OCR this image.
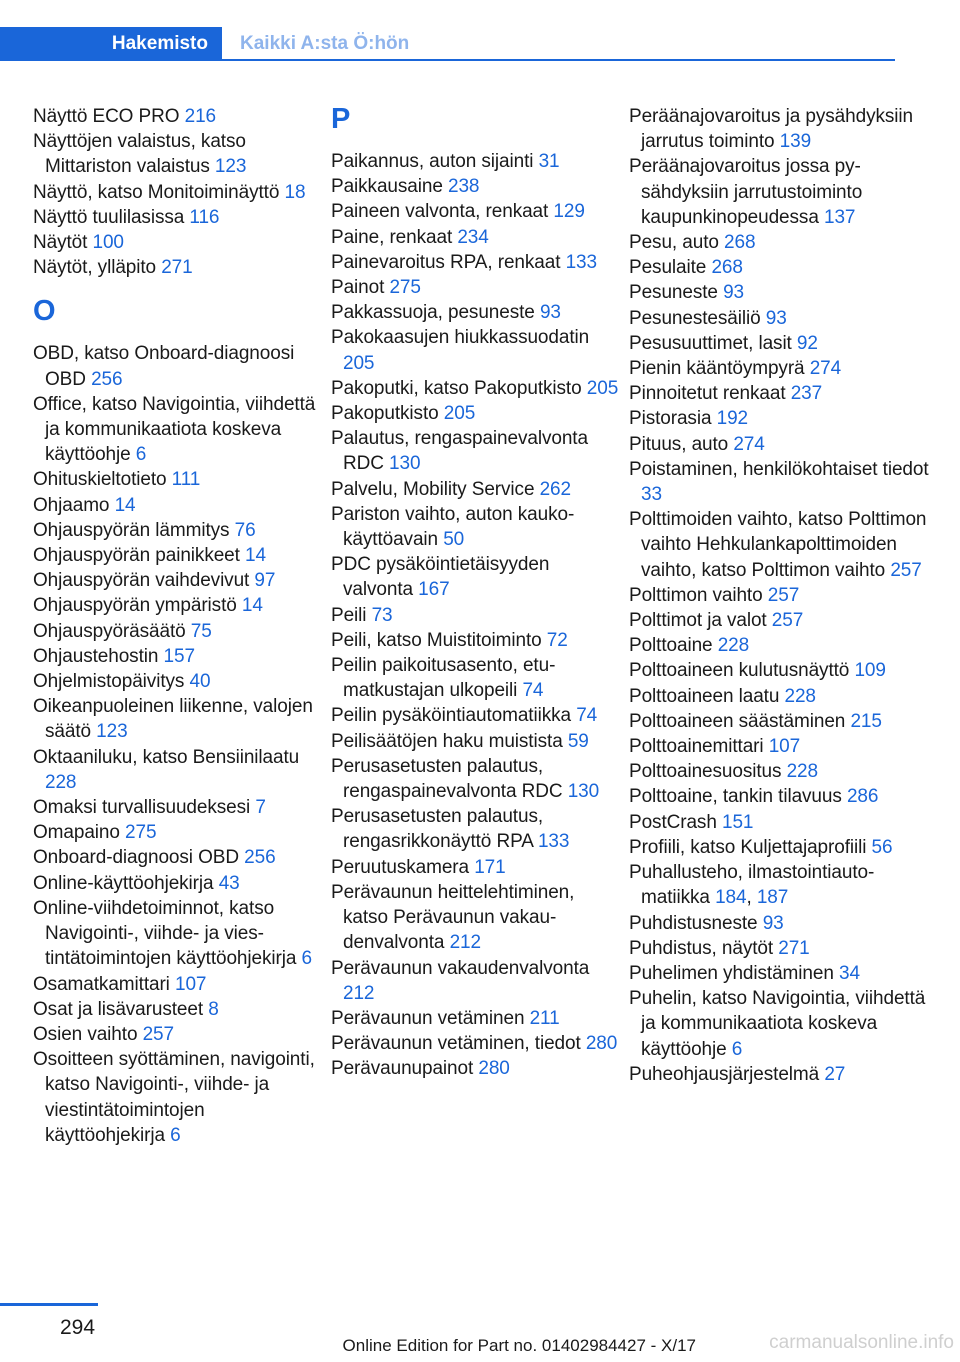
Hakemisto	Kaikki A:sta Ö:hön
Näyttö ECO PRO 216
Näyttöjen valaistus, katso Mittariston valaistus 123
Näyttö, katso Monitoiminäyttö 18
Näyttö tuulilasissa 116
Näytöt 100
Näytöt, ylläpito 271
O
OBD, katso Onboard-diagnoosi OBD 256
Office, katso Navigointia, viihdettä ja kommunikaatiota koskeva käyttöohje 6
Ohituskieltotieto 111
Ohjaamo 14
Ohjauspyörän lämmitys 76
Ohjauspyörän painikkeet 14
Ohjauspyörän vaihdevivut 97
Ohjauspyörän ympäristö 14
Ohjauspyöräsäätö 75
Ohjaustehostin 157
Ohjelmistopäivitys 40
Oikeanpuoleinen liikenne, valojen säätö 123
Oktaaniluku, katso Bensiinilaatu 228
Omaksi turvallisuudeksesi 7
Omapaino 275
Onboard-diagnoosi OBD 256
Online-käyttöohjekirja 43
Online-viihdetoiminnot, katso Navigointi-, viihde- ja viestintätoimintojen käyttöohjekirja 6
Osamatkamittari 107
Osat ja lisävarusteet 8
Osien vaihto 257
Osoitteen syöttäminen, navigointi, katso Navigointi-, viihde- ja viestintätoimintojen käyttöohjekirja 6
P
Paikannus, auton sijainti 31
Paikkausaine 238
Paineen valvonta, renkaat 129
Paine, renkaat 234
Painevaroitus RPA, renkaat 133
Painot 275
Pakkassuoja, pesuneste 93
Pakokaasujen hiukkassuodatin 205
Pakoputki, katso Pakoputkisto 205
Pakoputkisto 205
Palautus, rengaspainevalvonta RDC 130
Palvelu, Mobility Service 262
Pariston vaihto, auton kaukokäyttöavain 50
PDC pysäköintietäisyyden valvonta 167
Peili 73
Peili, katso Muistitoiminto 72
Peilin paikoitusasento, etumatkustajan ulkopeili 74
Peilin pysäköintiautomatiikka 74
Peilisäätöjen haku muistista 59
Perusasetusten palautus, rengaspainevalvonta RDC 130
Perusasetusten palautus, rengasrikkonäyttö RPA 133
Peruutuskamera 171
Perävaunun heittelehtiminen, katso Perävaunun vakaudenvalvonta 212
Perävaunun vakaudenvalvonta 212
Perävaunun vetäminen 211
Perävaunun vetäminen, tiedot 280
Perävaunupainot 280
Peräänajovaroitus ja pysähdyksiin jarrutus toiminto 139
Peräänajovaroitus jossa pysähdyksiin jarrutustoiminto kaupunkinopeudessa 137
Pesu, auto 268
Pesulaite 268
Pesuneste 93
Pesunestesäiliö 93
Pesusuuttimet, lasit 92
Pienin kääntöympyrä 274
Pinnoitetut renkaat 237
Pistorasia 192
Pituus, auto 274
Poistaminen, henkilökohtaiset tiedot 33
Polttimoiden vaihto, katso Polttimon vaihto Hehkulankapolttimoiden vaihto, katso Polttimon vaihto 257
Polttimon vaihto 257
Polttimot ja valot 257
Polttoaine 228
Polttoaineen kulutusnäyttö 109
Polttoaineen laatu 228
Polttoaineen säästäminen 215
Polttoainemittari 107
Polttoainesuositus 228
Polttoaine, tankin tilavuus 286
PostCrash 151
Profiili, katso Kuljettajaprofiili 56
Puhallusteho, ilmastointiautomatiikka 184, 187
Puhdistusneste 93
Puhdistus, näytöt 271
Puhelimen yhdistäminen 34
Puhelin, katso Navigointia, viihdettä ja kommunikaatiota koskeva käyttöohje 6
Puheohjausjärjestelmä 27
294
Online Edition for Part no. 01402984427 - X/17	carmanualsonline.info
